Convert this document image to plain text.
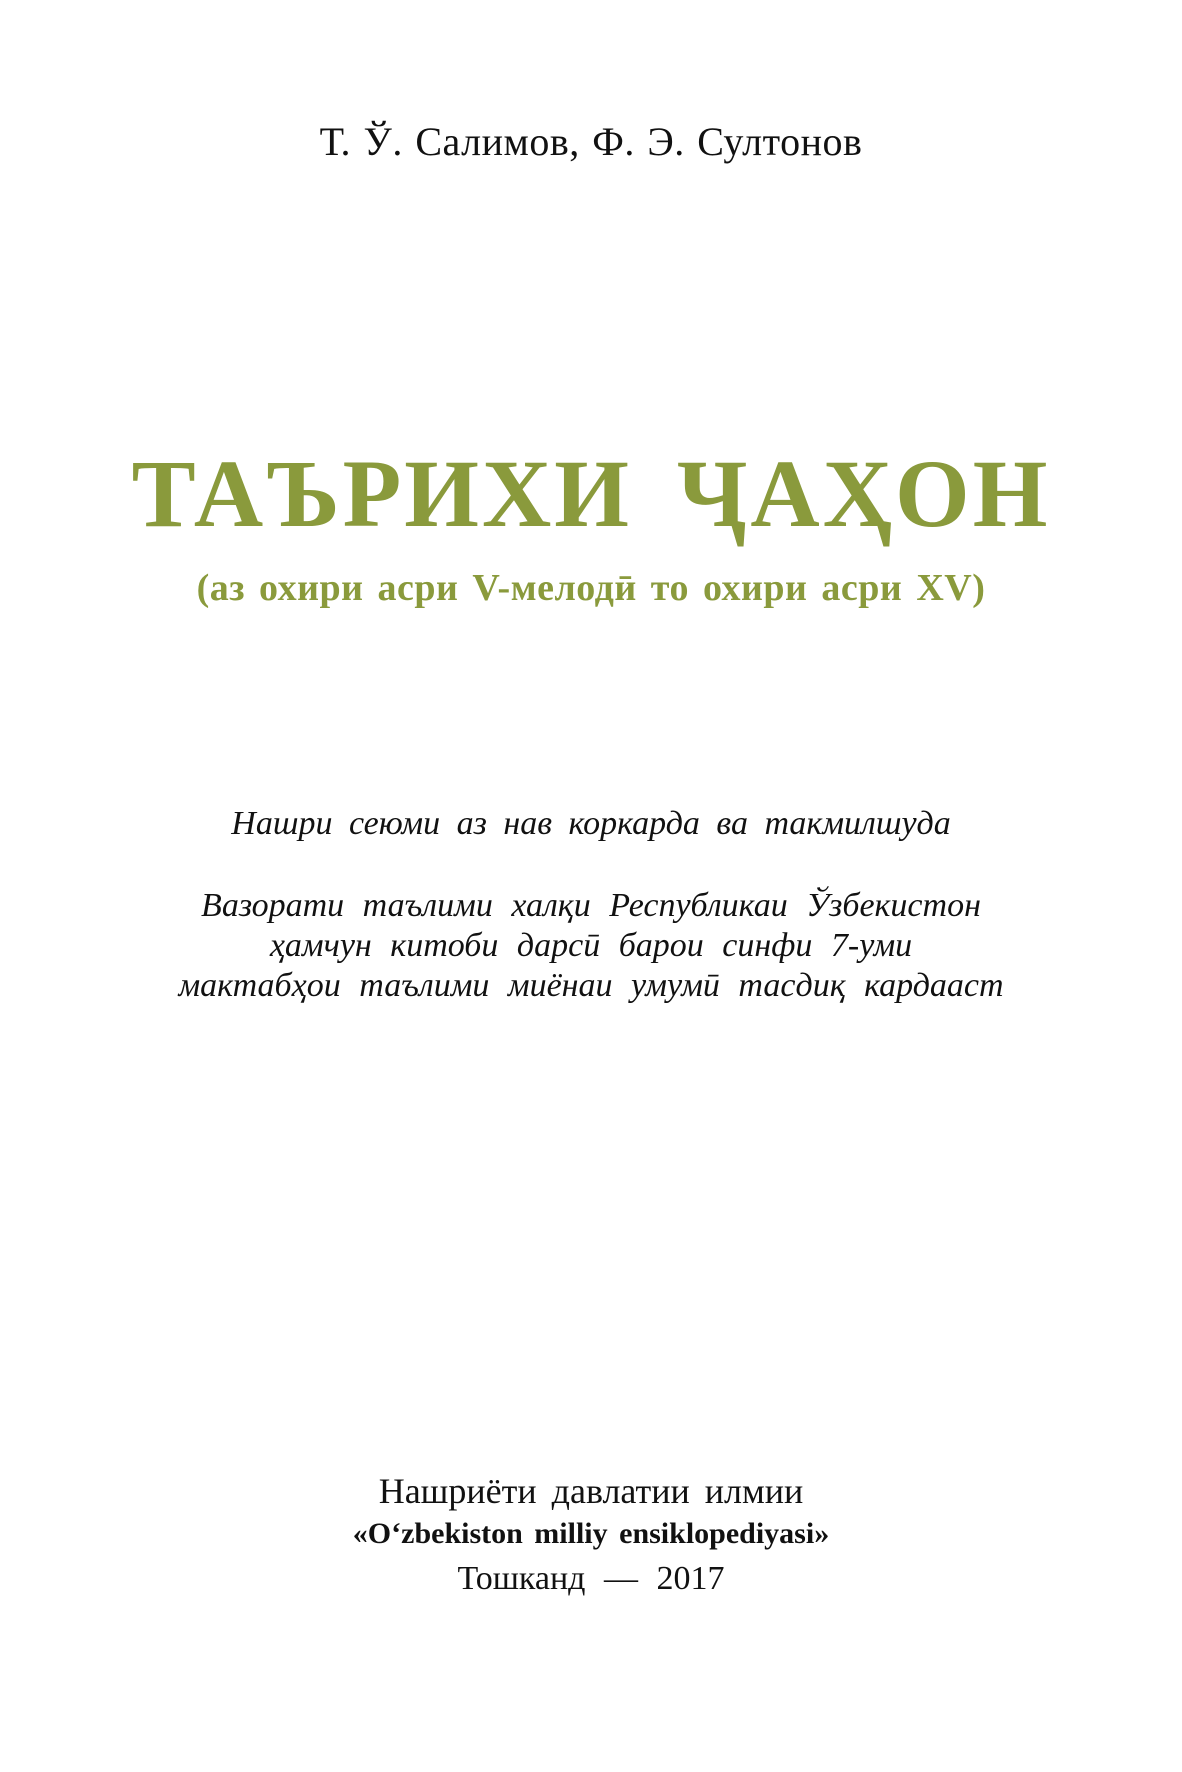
Т. Ў. Салимов, Ф. Э. Султонов
ТАЪРИХИ ҶАҲОН
(аз охири асри V-мелодӣ то охири асри XV)
Нашри сеюми аз нав коркарда ва такмилшуда
Вазорати таълими халқи Республикаи Ўзбекистон
ҳамчун китоби дарсӣ барои синфи 7-уми
мактабҳои таълими миёнаи умумӣ тасдиқ кардааст
Нашриёти давлатии илмии
«O‘zbekiston milliy ensiklopediyasi»
Тошканд — 2017
